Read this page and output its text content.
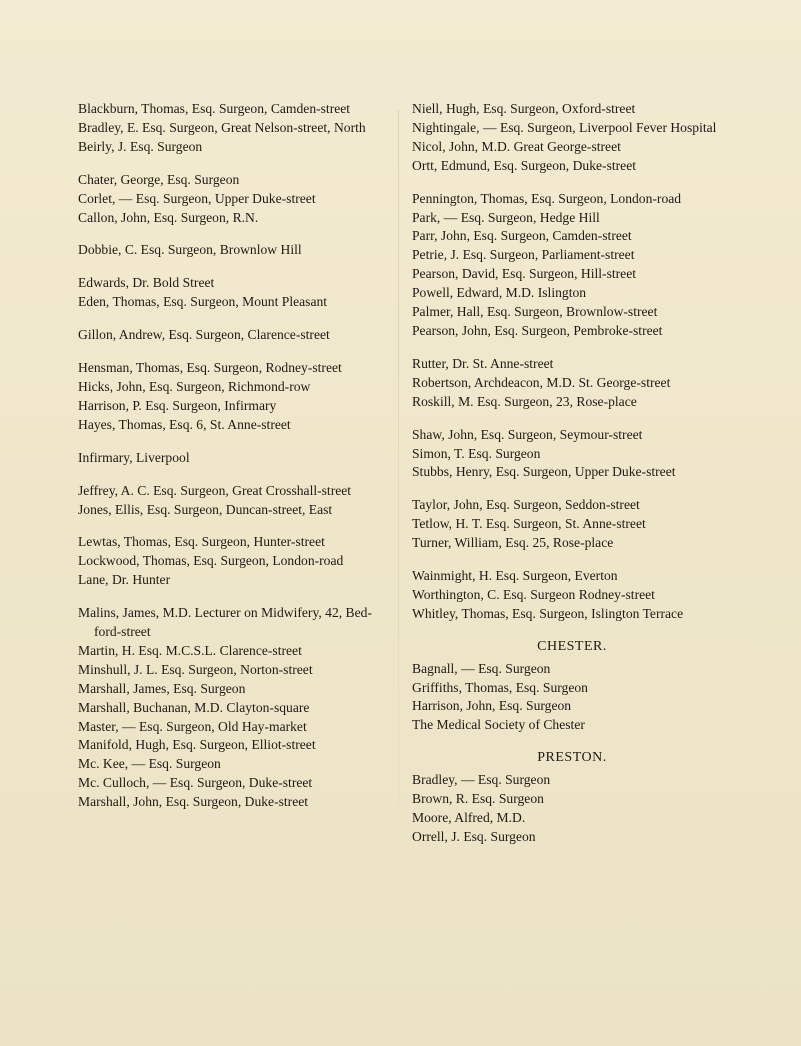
Blackburn, Thomas, Esq. Surgeon, Camden-street
Bradley, E. Esq. Surgeon, Great Nelson-street, North
Beirly, J. Esq. Surgeon
Chater, George, Esq. Surgeon
Corlet, — Esq. Surgeon, Upper Duke-street
Callon, John, Esq. Surgeon, R.N.
Dobbie, C. Esq. Surgeon, Brownlow Hill
Edwards, Dr. Bold Street
Eden, Thomas, Esq. Surgeon, Mount Pleasant
Gillon, Andrew, Esq. Surgeon, Clarence-street
Hensman, Thomas, Esq. Surgeon, Rodney-street
Hicks, John, Esq. Surgeon, Richmond-row
Harrison, P. Esq. Surgeon, Infirmary
Hayes, Thomas, Esq. 6, St. Anne-street
Infirmary, Liverpool
Jeffrey, A. C. Esq. Surgeon, Great Crosshall-street
Jones, Ellis, Esq. Surgeon, Duncan-street, East
Lewtas, Thomas, Esq. Surgeon, Hunter-street
Lockwood, Thomas, Esq. Surgeon, London-road
Lane, Dr. Hunter
Malins, James, M.D. Lecturer on Midwifery, 42, Bed-
ford-street
Martin, H. Esq. M.C.S.L. Clarence-street
Minshull, J. L. Esq. Surgeon, Norton-street
Marshall, James, Esq. Surgeon
Marshall, Buchanan, M.D. Clayton-square
Master, — Esq. Surgeon, Old Hay-market
Manifold, Hugh, Esq. Surgeon, Elliot-street
Mc. Kee, — Esq. Surgeon
Mc. Culloch, — Esq. Surgeon, Duke-street
Marshall, John, Esq. Surgeon, Duke-street
Niell, Hugh, Esq. Surgeon, Oxford-street
Nightingale, — Esq. Surgeon, Liverpool Fever Hospital
Nicol, John, M.D. Great George-street
Ortt, Edmund, Esq. Surgeon, Duke-street
Pennington, Thomas, Esq. Surgeon, London-road
Park, — Esq. Surgeon, Hedge Hill
Parr, John, Esq. Surgeon, Camden-street
Petrie, J. Esq. Surgeon, Parliament-street
Pearson, David, Esq. Surgeon, Hill-street
Powell, Edward, M.D. Islington
Palmer, Hall, Esq. Surgeon, Brownlow-street
Pearson, John, Esq. Surgeon, Pembroke-street
Rutter, Dr. St. Anne-street
Robertson, Archdeacon, M.D. St. George-street
Roskill, M. Esq. Surgeon, 23, Rose-place
Shaw, John, Esq. Surgeon, Seymour-street
Simon, T. Esq. Surgeon
Stubbs, Henry, Esq. Surgeon, Upper Duke-street
Taylor, John, Esq. Surgeon, Seddon-street
Tetlow, H. T. Esq. Surgeon, St. Anne-street
Turner, William, Esq. 25, Rose-place
Wainmight, H. Esq. Surgeon, Everton
Worthington, C. Esq. Surgeon Rodney-street
Whitley, Thomas, Esq. Surgeon, Islington Terrace
CHESTER.
Bagnall, — Esq. Surgeon
Griffiths, Thomas, Esq. Surgeon
Harrison, John, Esq. Surgeon
The Medical Society of Chester
PRESTON.
Bradley, — Esq. Surgeon
Brown, R. Esq. Surgeon
Moore, Alfred, M.D.
Orrell, J. Esq. Surgeon
